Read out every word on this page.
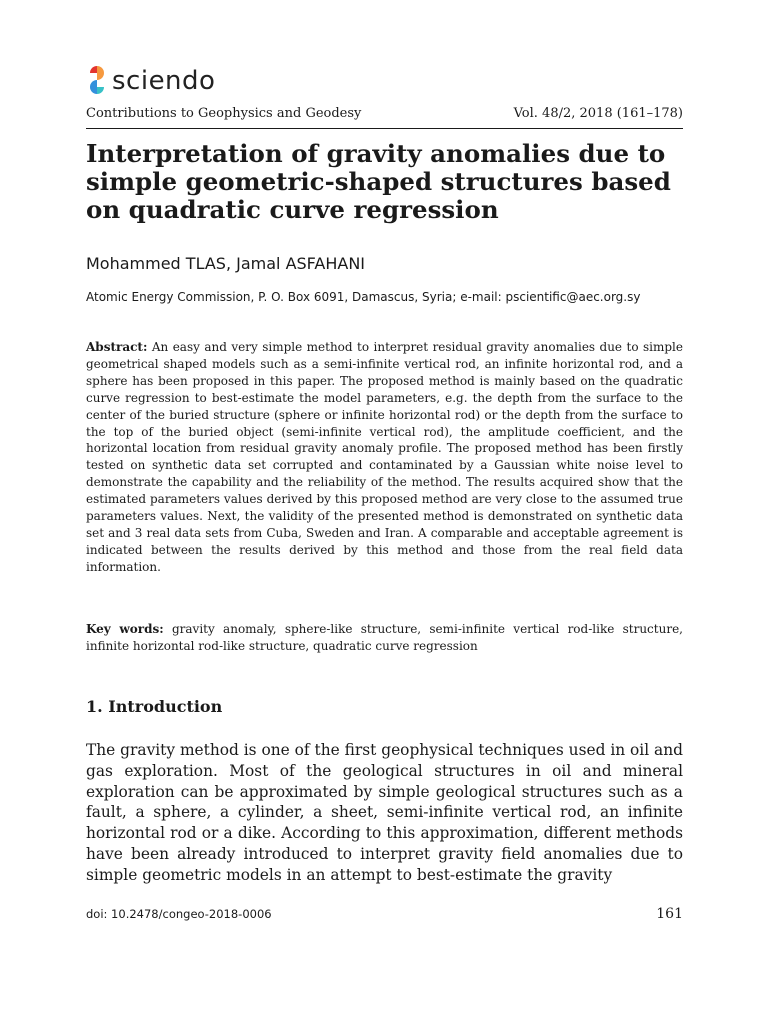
sciendo
Contributions to Geophysics and Geodesy	Vol. 48/2, 2018 (161–178)
Interpretation of gravity anomalies due to simple geometric-shaped structures based on quadratic curve regression
Mohammed TLAS, Jamal ASFAHANI
Atomic Energy Commission, P. O. Box 6091, Damascus, Syria; e-mail: pscientific@aec.org.sy

Abstract: An easy and very simple method to interpret residual gravity anomalies due to simple geometrical shaped models such as a semi-infinite vertical rod, an infinite horizontal rod, and a sphere has been proposed in this paper. The proposed method is mainly based on the quadratic curve regression to best-estimate the model parameters, e.g. the depth from the surface to the center of the buried structure (sphere or infinite horizontal rod) or the depth from the surface to the top of the buried object (semi-infinite vertical rod), the amplitude coefficient, and the horizontal location from residual gravity anomaly profile. The proposed method has been firstly tested on synthetic data set corrupted and contaminated by a Gaussian white noise level to demonstrate the capability and the reliability of the method. The results acquired show that the estimated parameters values derived by this proposed method are very close to the assumed true parameters values. Next, the validity of the presented method is demonstrated on synthetic data set and 3 real data sets from Cuba, Sweden and Iran. A comparable and acceptable agreement is indicated between the results derived by this method and those from the real field data information.

Key words: gravity anomaly, sphere-like structure, semi-infinite vertical rod-like structure, infinite horizontal rod-like structure, quadratic curve regression

1. Introduction

The gravity method is one of the first geophysical techniques used in oil and gas exploration. Most of the geological structures in oil and mineral exploration can be approximated by simple geological structures such as a fault, a sphere, a cylinder, a sheet, semi-infinite vertical rod, an infinite horizontal rod or a dike. According to this approximation, different methods have been already introduced to interpret gravity field anomalies due to simple geometric models in an attempt to best-estimate the gravity

doi: 10.2478/congeo-2018-0006	161
